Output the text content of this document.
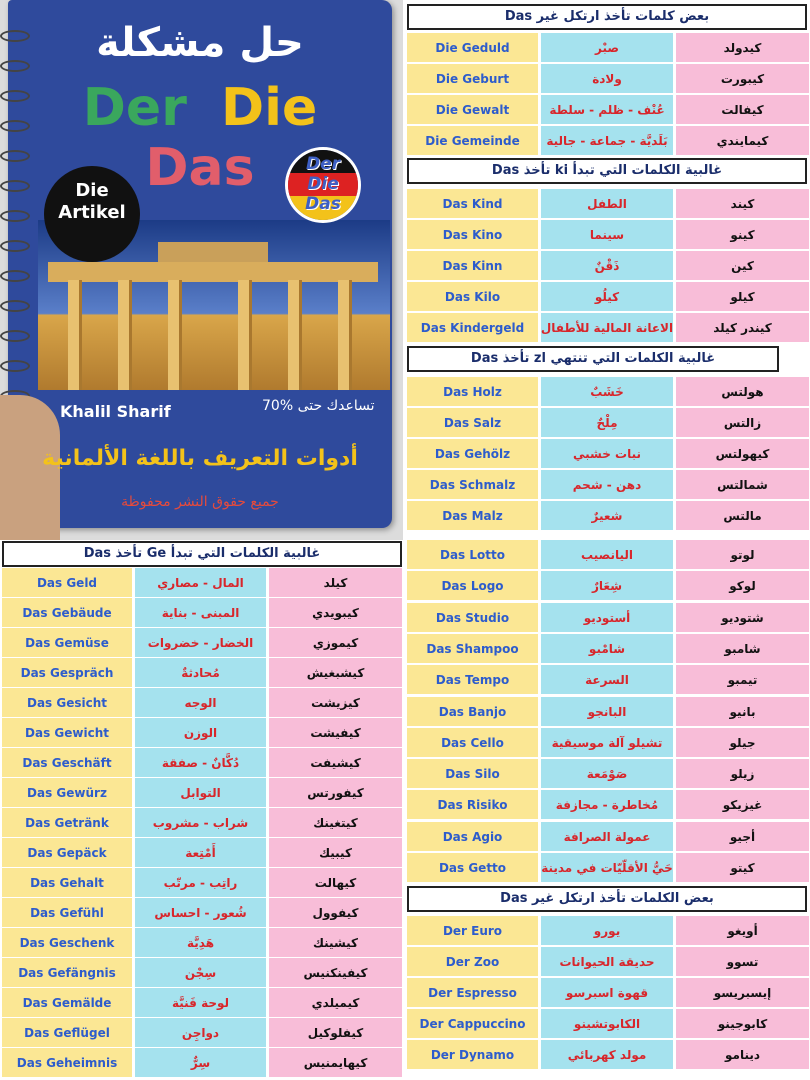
حل مشكلة
Der Die Das
Die
Artikel
Der
Die
Das
Khalil Sharif	تساعدك حتى %70
أدوات التعريف باللغة الألمانية
جميع حقوق النشر محفوظة
بعض كلمات تأخذ ارتكل غير Das
غالبية الكلمات التي تبدأ ki تأخذ Das
غالبية الكلمات التي تنتهي zl تأخذ Das
بعض الكلمات تأخذ ارتكل غير Das
غالبية الكلمات التي تبدأ Ge تأخذ Das
Die Geduld	صبْر	كيدولد
Die Geburt	ولادة	كيبورت
Die Gewalt	عُنْف - ظلم - سلطة	كيفالت
Die Gemeinde	بَلَديَّة - جماعة - جالية	كيمايندي
Das Kind	الطفل	كيند
Das Kino	سينما	كينو
Das Kinn	ذَقْنٌ	كين
Das Kilo	كيلُو	كيلو
Das Kindergeld	الاعانة المالية للأطفال	كيندر كيلد
Das Holz	خَشَبٌ	هولتس
Das Salz	مِلْحٌ	زالتس
Das Gehölz	نبات خشبي	كيهولتس
Das Schmalz	دهن - شحم	شمالتس
Das Malz	شعيرٌ	مالتس
Das Lotto	اليانصيب	لوتو
Das Logo	شِعَارٌ	لوكو
Das Studio	أستوديو	شتوديو
Das Shampoo	شامْبو	شامبو
Das Tempo	السرعة	تيمبو
Das Banjo	البانجو	بانيو
Das Cello	تشيلو آلة موسيقية	جيلو
Das Silo	صَوْمَعة	زيلو
Das Risiko	مُخاطرة - مجازفة	غيزيكو
Das Agio	عمولة الصرافة	أجيو
Das Getto	حَيُّ الأقلّيّات في مدينة	كيتو
Der Euro	يورو	أويغو
Der Zoo	حديقة الحيوانات	تسوو
Der Espresso	قهوة اسبرسو	إيسبريسو
Der Cappuccino	الكابوتشينو	كابوجينو
Der Dynamo	مولد كهربائي	دينامو
Das Geld	المال - مصاري	كيلد
Das Gebäude	المبنى - بناية	كيبويدي
Das Gemüse	الخضار - خضروات	كيموزي
Das Gespräch	مُحادثةٌ	كيشبغيش
Das Gesicht	الوجه	كيزيشت
Das Gewicht	الوزن	كيفيشت
Das Geschäft	دُكَّانٌ - صفقة	كيشيفت
Das Gewürz	التوابل	كيفورتس
Das Getränk	شراب - مشروب	كيتغينك
Das Gepäck	أَمْتِعة	كيبيك
Das Gehalt	راتِب - مرتّب	كيهالت
Das Gefühl	شُعور - احساس	كيفوول
Das Geschenk	هَدِيَّة	كيشينك
Das Gefängnis	سِجْن	كيفينكنيس
Das Gemälde	لوحة فَنيَّة	كيميلدي
Das Geflügel	دواجِن	كيفلوكيل
Das Geheimnis	سِرٌّ	كيهايمنيس
